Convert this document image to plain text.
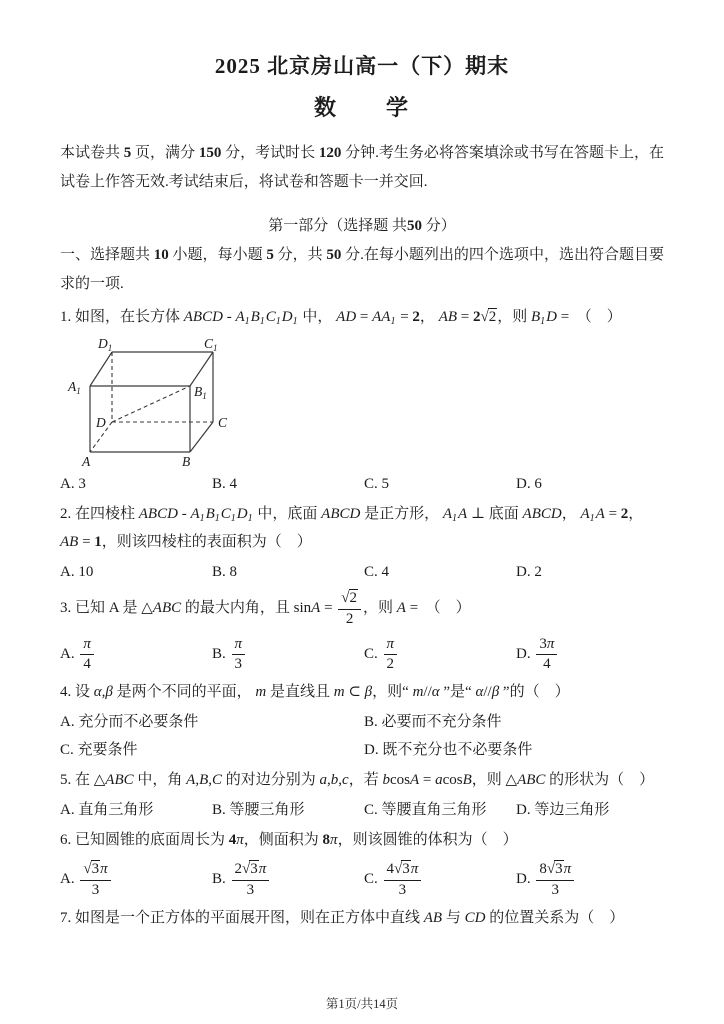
2025 北京房山高一（下）期末
数　　学

本试卷共 5 页，满分 150 分，考试时长 120 分钟.考生务必将答案填涂或书写在答题卡上，在试卷上作答无效.考试结束后，将试卷和答题卡一并交回.

第一部分（选择题 共50 分）

一、选择题共 10 小题，每小题 5 分，共 50 分.在每小题列出的四个选项中，选出符合题目要求的一项.

1. 如图，在长方体 ABCD - $A_1B_1C_1D_1$ 中， AD = $AA_1 = 2$， AB = 2√2，则 $B_1D$ =　（　）

$D_1$	$C_1$
$A_1$	$B_1$
D	C
A	B
A. 3	B. 4	C. 5	D. 6

2. 在四棱柱 ABCD - $A_1B_1C_1D_1$ 中，底面 ABCD 是正方形， $A_1A$ ⊥ 底面 ABCD， $A_1A = 2$， AB = 1，则该四棱柱的表面积为（　）

A. 10	B. 8	C. 4	D. 2

3. 已知 A 是 △ABC 的最大内角，且 $\sin A = \frac{√2}{2}$ ，则 A =　（　）

A. $\frac{\pi}{4}$	B. $\frac{\pi}{3}$	C. $\frac{\pi}{2}$	D. $\frac{3\pi}{4}$

4. 设 α,β 是两个不同的平面， m 是直线且 m ⊂ β，则“ m//α ”是“ α//β ”的（　）

A. 充分而不必要条件	B. 必要而不充分条件
C. 充要条件	D. 既不充分也不必要条件

5. 在 △ABC 中，角 A,B,C 的对边分别为 a,b,c，若 bcosA = acosB，则 △ABC 的形状为（　）

A. 直角三角形	B. 等腰三角形	C. 等腰直角三角形	D. 等边三角形

6. 已知圆锥的底面周长为 4π，侧面积为 8π，则该圆锥的体积为（　）

A. $\frac{√3\pi}{3}$	B. $\frac{2√3\pi}{3}$	C. $\frac{4√3\pi}{3}$	D. $\frac{8√3\pi}{3}$

7. 如图是一个正方体的平面展开图，则在正方体中直线 AB 与 CD 的位置关系为（　）

第1页/共14页
